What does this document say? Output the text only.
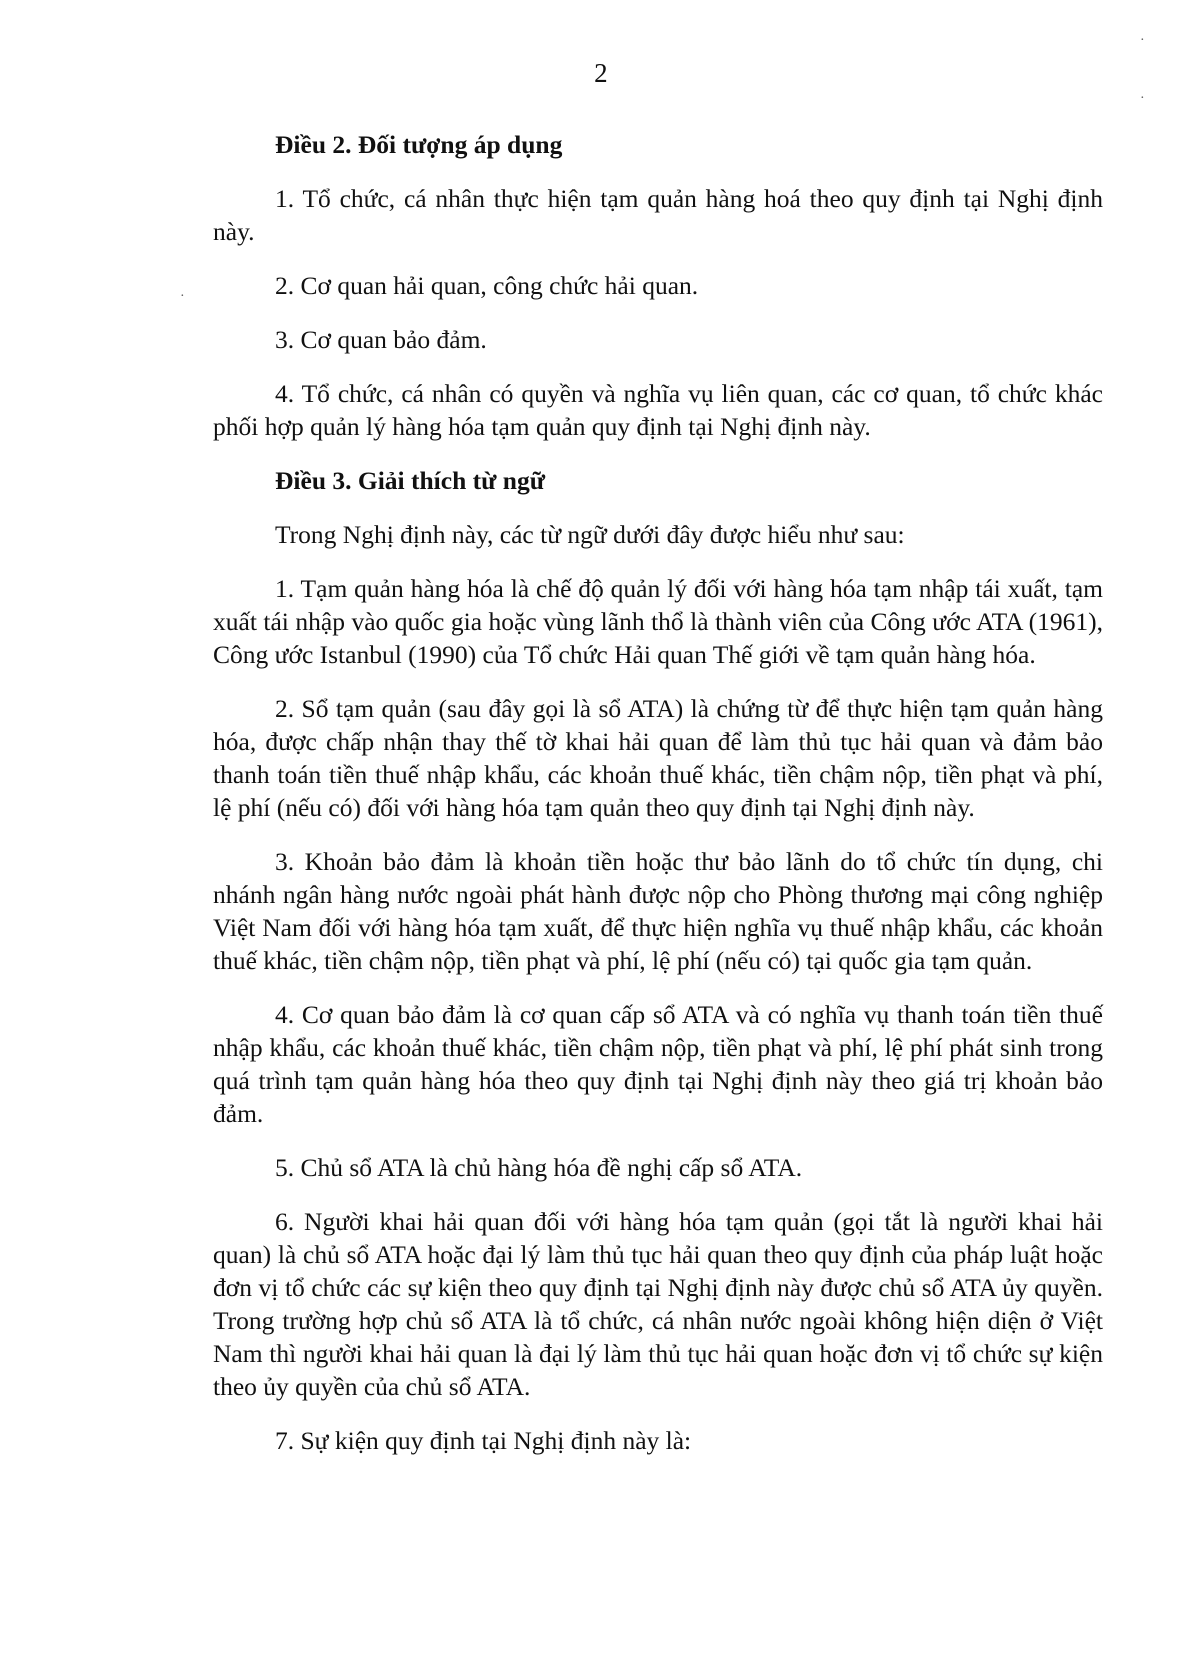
2
Điều 2. Đối tượng áp dụng

1. Tổ chức, cá nhân thực hiện tạm quản hàng hoá theo quy định tại Nghị định này.

2. Cơ quan hải quan, công chức hải quan.

3. Cơ quan bảo đảm.

4. Tổ chức, cá nhân có quyền và nghĩa vụ liên quan, các cơ quan, tổ chức khác phối hợp quản lý hàng hóa tạm quản quy định tại Nghị định này.

Điều 3. Giải thích từ ngữ

Trong Nghị định này, các từ ngữ dưới đây được hiểu như sau:

1. Tạm quản hàng hóa là chế độ quản lý đối với hàng hóa tạm nhập tái xuất, tạm xuất tái nhập vào quốc gia hoặc vùng lãnh thổ là thành viên của Công ước ATA (1961), Công ước Istanbul (1990) của Tổ chức Hải quan Thế giới về tạm quản hàng hóa.

2. Sổ tạm quản (sau đây gọi là sổ ATA) là chứng từ để thực hiện tạm quản hàng hóa, được chấp nhận thay thế tờ khai hải quan để làm thủ tục hải quan và đảm bảo thanh toán tiền thuế nhập khẩu, các khoản thuế khác, tiền chậm nộp, tiền phạt và phí, lệ phí (nếu có) đối với hàng hóa tạm quản theo quy định tại Nghị định này.

3. Khoản bảo đảm là khoản tiền hoặc thư bảo lãnh do tổ chức tín dụng, chi nhánh ngân hàng nước ngoài phát hành được nộp cho Phòng thương mại công nghiệp Việt Nam đối với hàng hóa tạm xuất, để thực hiện nghĩa vụ thuế nhập khẩu, các khoản thuế khác, tiền chậm nộp, tiền phạt và phí, lệ phí (nếu có) tại quốc gia tạm quản.

4. Cơ quan bảo đảm là cơ quan cấp sổ ATA và có nghĩa vụ thanh toán tiền thuế nhập khẩu, các khoản thuế khác, tiền chậm nộp, tiền phạt và phí, lệ phí phát sinh trong quá trình tạm quản hàng hóa theo quy định tại Nghị định này theo giá trị khoản bảo đảm.

5. Chủ sổ ATA là chủ hàng hóa đề nghị cấp sổ ATA.

6. Người khai hải quan đối với hàng hóa tạm quản (gọi tắt là người khai hải quan) là chủ sổ ATA hoặc đại lý làm thủ tục hải quan theo quy định của pháp luật hoặc đơn vị tổ chức các sự kiện theo quy định tại Nghị định này được chủ sổ ATA ủy quyền. Trong trường hợp chủ sổ ATA là tổ chức, cá nhân nước ngoài không hiện diện ở Việt Nam thì người khai hải quan là đại lý làm thủ tục hải quan hoặc đơn vị tổ chức sự kiện theo ủy quyền của chủ sổ ATA.

7. Sự kiện quy định tại Nghị định này là:

·
·
·
